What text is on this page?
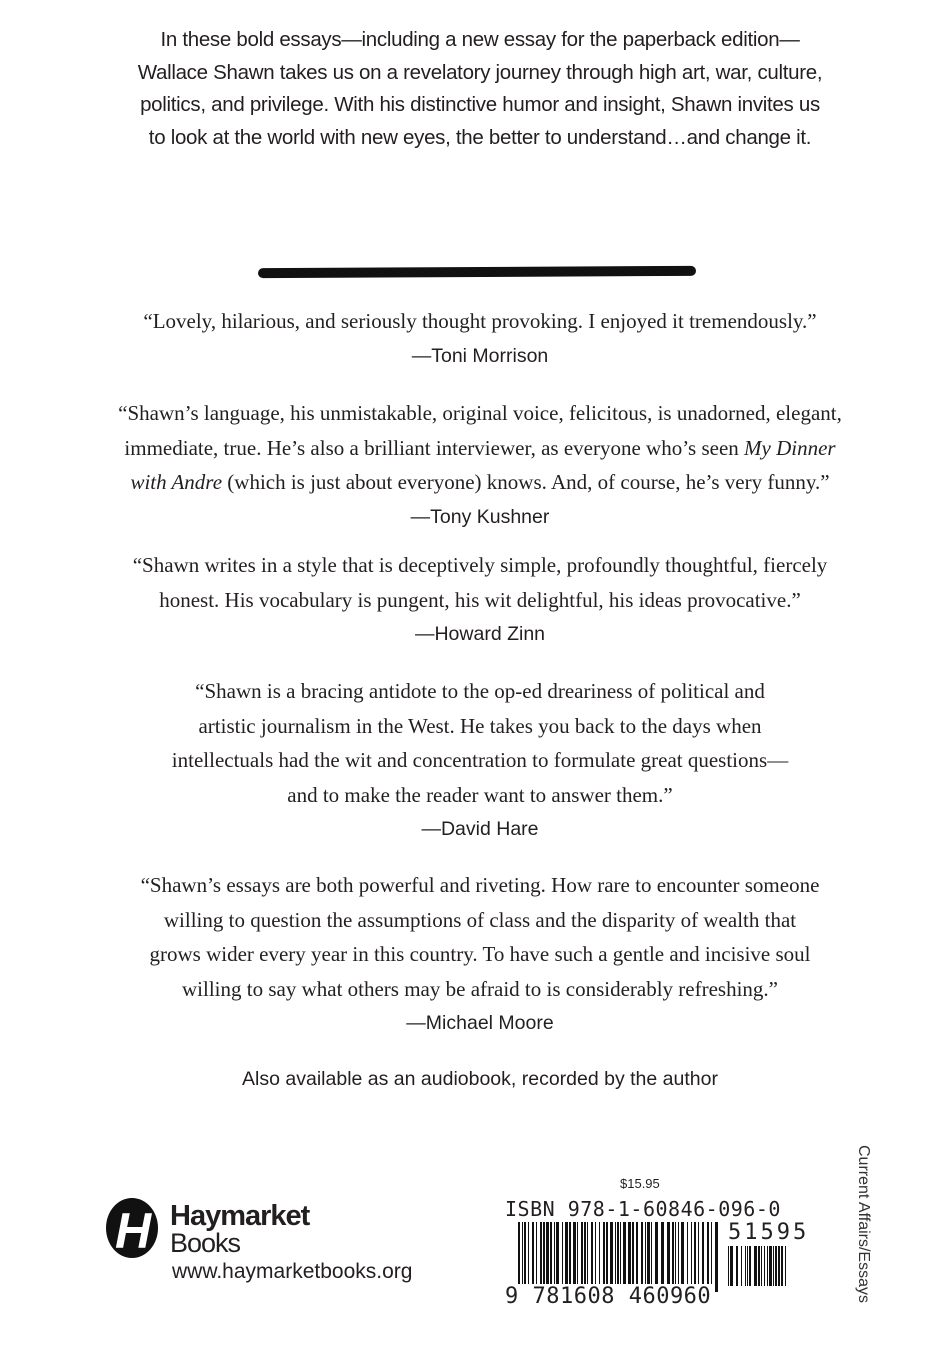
In these bold essays—including a new essay for the paperback edition—
Wallace Shawn takes us on a revelatory journey through high art, war, culture,
politics, and privilege. With his distinctive humor and insight, Shawn invites us
to look at the world with new eyes, the better to understand…and change it.
“Lovely, hilarious, and seriously thought provoking. I enjoyed it tremendously.”
—Toni Morrison
“Shawn’s language, his unmistakable, original voice, felicitous, is unadorned, elegant,
immediate, true. He’s also a brilliant interviewer, as everyone who’s seen My Dinner
with Andre (which is just about everyone) knows. And, of course, he’s very funny.”
—Tony Kushner
“Shawn writes in a style that is deceptively simple, profoundly thoughtful, fiercely
honest. His vocabulary is pungent, his wit delightful, his ideas provocative.”
—Howard Zinn
“Shawn is a bracing antidote to the op-ed dreariness of political and
artistic journalism in the West. He takes you back to the days when
intellectuals had the wit and concentration to formulate great questions—
and to make the reader want to answer them.”
—David Hare
“Shawn’s essays are both powerful and riveting. How rare to encounter someone
willing to question the assumptions of class and the disparity of wealth that
grows wider every year in this country. To have such a gentle and incisive soul
willing to say what others may be afraid to is considerably refreshing.”
—Michael Moore
Also available as an audiobook, recorded by the author
H Haymarket
Books
www.haymarketbooks.org
$15.95
ISBN 978-1-60846-096-0
51595
9 781608 460960	Current Affairs/Essays
